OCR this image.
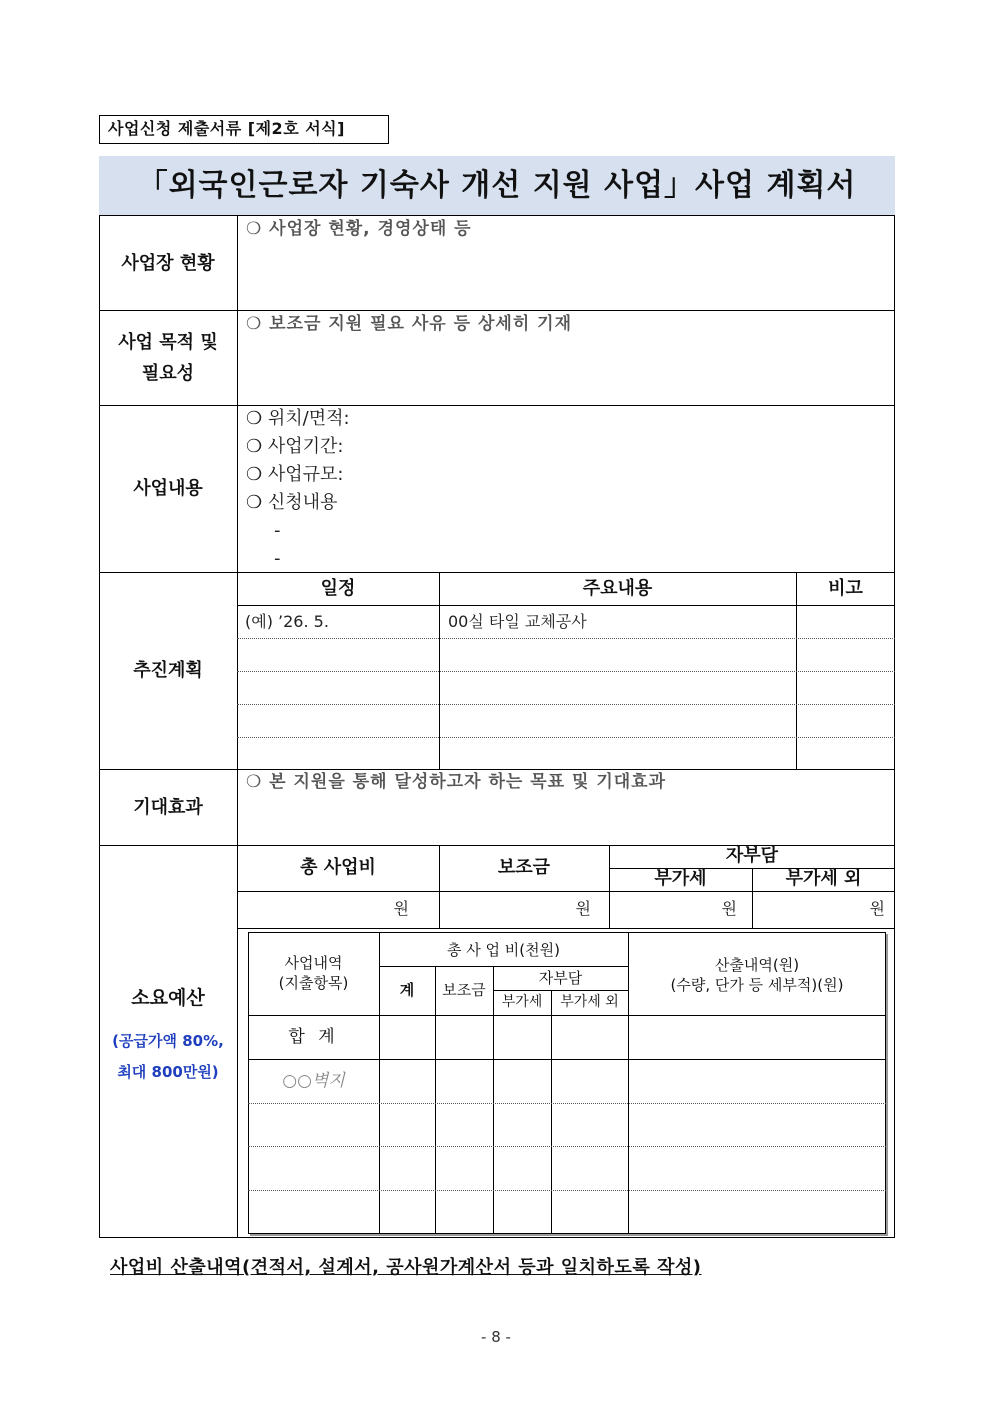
사업신청 제출서류 [제2호 서식]
「외국인근로자 기숙사 개선 지원 사업」사업 계획서
사업장 현황
❍ 사업장 현황, 경영상태 등
사업 목적 및
필요성
❍ 보조금 지원 필요 사유 등 상세히 기재
사업내용
❍ 위치/면적:
❍ 사업기간:
❍ 사업규모:
❍ 신청내용
-
-
추진계획
일정	주요내용	비고
(예) ’26. 5.	00실 타일 교체공사
기대효과
❍ 본 지원을 통해 달성하고자 하는 목표 및 기대효과
소요예산
(공급가액 80%,
최대 800만원)
총 사업비	보조금
자부담
부가세	부가세 외
원	원	원	원
사업내역
(지출항목)
총 사 업 비(천원)
계	보조금
자부담
부가세	부가세 외
산출내역(원)
(수량, 단가 등 세부적)(원)
합 계
○○벽지
사업비 산출내역(견적서, 설계서, 공사원가계산서 등과 일치하도록 작성)
- 8 -
